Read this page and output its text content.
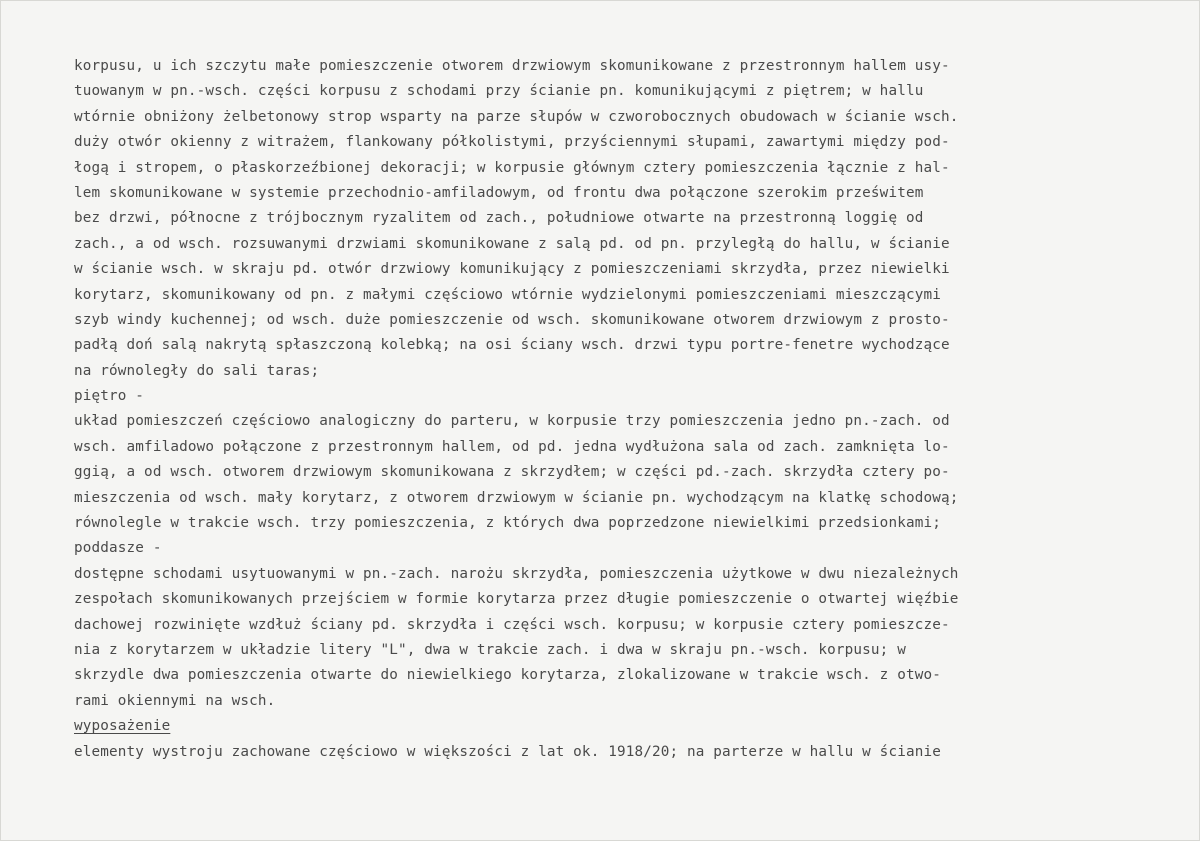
korpusu, u ich szczytu małe pomieszczenie otworem drzwiowym skomunikowane z przestronnym hallem usy-
tuowanym w pn.-wsch. części korpusu z schodami przy ścianie pn. komunikującymi z piętrem; w hallu
wtórnie obniżony żelbetonowy strop wsparty na parze słupów w czworobocznych obudowach w ścianie wsch.
duży otwór okienny z witrażem, flankowany półkolistymi, przyściennymi słupami, zawartymi między pod-
łogą i stropem, o płaskorzeźbionej dekoracji; w korpusie głównym cztery pomieszczenia łącznie z hal-
lem skomunikowane w systemie przechodnio-amfiladowym, od frontu dwa połączone szerokim prześwitem
bez drzwi, północne z trójbocznym ryzalitem od zach., południowe otwarte na przestronną loggię od
zach., a od wsch. rozsuwanymi drzwiami skomunikowane z salą pd. od pn. przyległą do hallu, w ścianie
w ścianie wsch. w skraju pd. otwór drzwiowy komunikujący z pomieszczeniami skrzydła, przez niewielki
korytarz, skomunikowany od pn. z małymi częściowo wtórnie wydzielonymi pomieszczeniami mieszczącymi
szyb windy kuchennej; od wsch. duże pomieszczenie od wsch. skomunikowane otworem drzwiowym z prosto-
padłą doń salą nakrytą spłaszczoną kolebką; na osi ściany wsch. drzwi typu portre-fenetre wychodzące
na równoległy do sali taras;
piętro -
układ pomieszczeń częściowo analogiczny do parteru, w korpusie trzy pomieszczenia jedno pn.-zach. od
wsch. amfiladowo połączone z przestronnym hallem, od pd. jedna wydłużona sala od zach. zamknięta lo-
ggią, a od wsch. otworem drzwiowym skomunikowana z skrzydłem; w części pd.-zach. skrzydła cztery po-
mieszczenia od wsch. mały korytarz, z otworem drzwiowym w ścianie pn. wychodzącym na klatkę schodową;
równolegle w trakcie wsch. trzy pomieszczenia, z których dwa poprzedzone niewielkimi przedsionkami;
poddasze -
dostępne schodami usytuowanymi w pn.-zach. narożu skrzydła, pomieszczenia użytkowe w dwu niezależnych
zespołach skomunikowanych przejściem w formie korytarza przez długie pomieszczenie o otwartej więźbie
dachowej rozwinięte wzdłuż ściany pd. skrzydła i części wsch. korpusu; w korpusie cztery pomieszcze-
nia z korytarzem w układzie litery "L", dwa w trakcie zach. i dwa w skraju pn.-wsch. korpusu; w
skrzydle dwa pomieszczenia otwarte do niewielkiego korytarza, zlokalizowane w trakcie wsch. z otwo-
rami okiennymi na wsch.
wyposażenie
elementy wystroju zachowane częściowo w większości z lat ok. 1918/20; na parterze w hallu w ścianie
